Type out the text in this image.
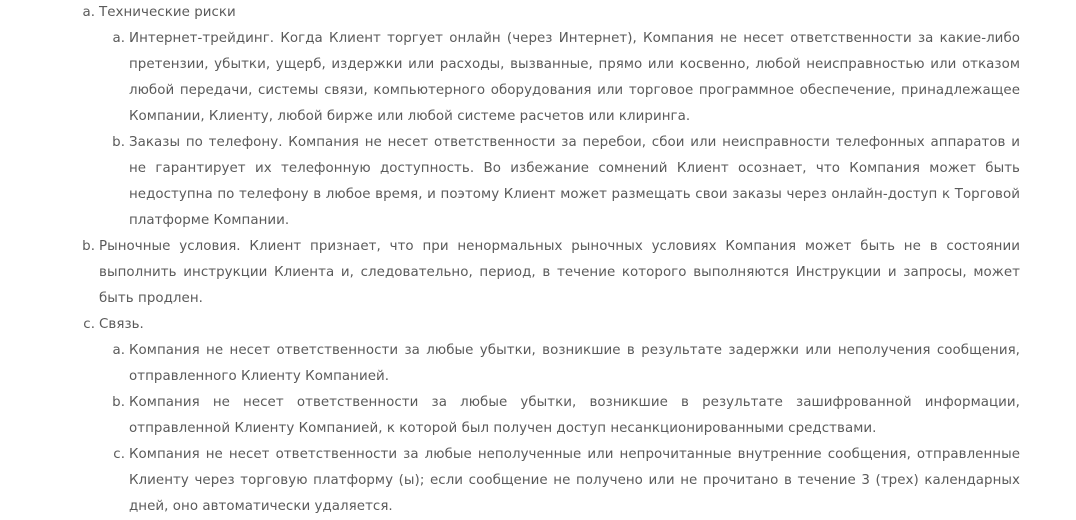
a. Технические риски
a. Интернет-трейдинг. Когда Клиент торгует онлайн (через Интернет), Компания не несет ответственности за какие-либо претензии, убытки, ущерб, издержки или расходы, вызванные, прямо или косвенно, любой неисправностью или отказом любой передачи, системы связи, компьютерного оборудования или торговое программное обеспечение, принадлежащее Компании, Клиенту, любой бирже или любой системе расчетов или клиринга.
b. Заказы по телефону. Компания не несет ответственности за перебои, сбои или неисправности телефонных аппаратов и не гарантирует их телефонную доступность. Во избежание сомнений Клиент осознает, что Компания может быть недоступна по телефону в любое время, и поэтому Клиент может размещать свои заказы через онлайн-доступ к Торговой платформе Компании.
b. Рыночные условия. Клиент признает, что при ненормальных рыночных условиях Компания может быть не в состоянии выполнить инструкции Клиента и, следовательно, период, в течение которого выполняются Инструкции и запросы, может быть продлен.
c. Связь.
a. Компания не несет ответственности за любые убытки, возникшие в результате задержки или неполучения сообщения, отправленного Клиенту Компанией.
b. Компания не несет ответственности за любые убытки, возникшие в результате зашифрованной информации, отправленной Клиенту Компанией, к которой был получен доступ несанкционированными средствами.
c. Компания не несет ответственности за любые неполученные или непрочитанные внутренние сообщения, отправленные Клиенту через торговую платформу (ы); если сообщение не получено или не прочитано в течение 3 (трех) календарных дней, оно автоматически удаляется.
